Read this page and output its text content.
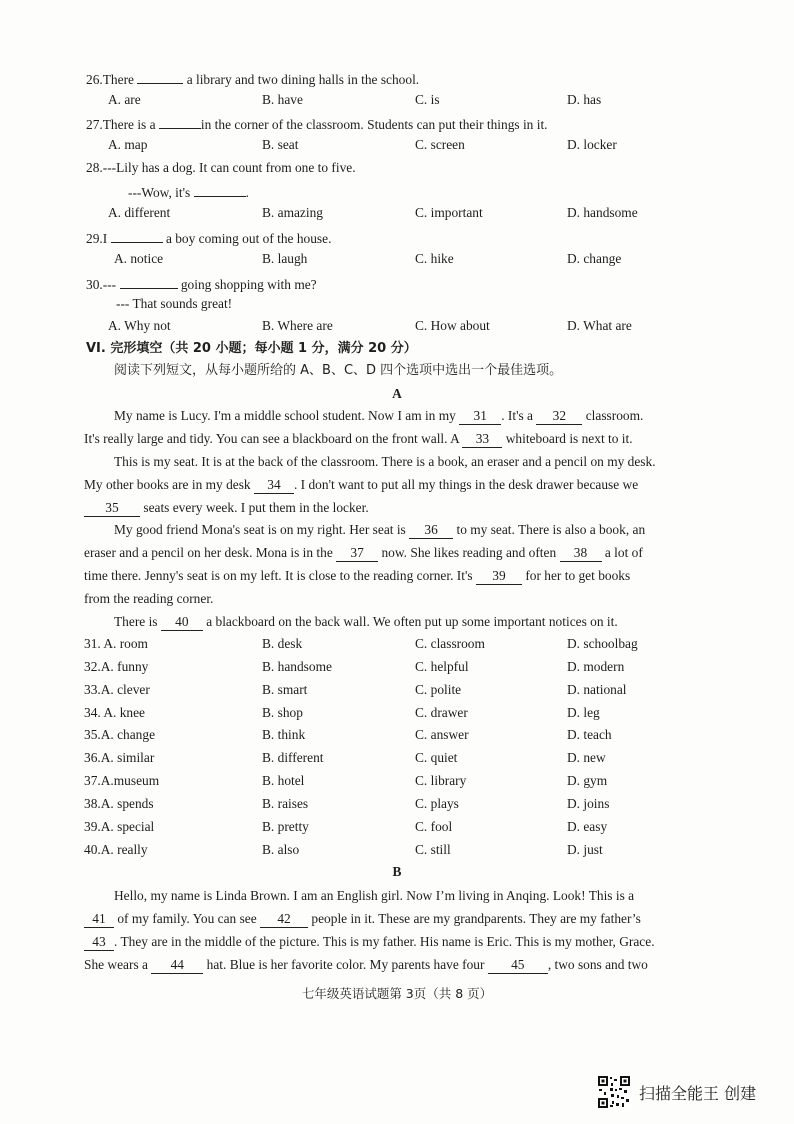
26.There	a library and two dining halls in the school.
A. are	B. have	C. is	D. has
27.There is a	in the corner of the classroom. Students can put their things in it.
A. map	B. seat	C. screen	D. locker
28.---Lily has a dog. It can count from one to five.
---Wow, it's	.
A. different	B. amazing	C. important	D. handsome
29.I	a boy coming out of the house.
A. notice	B. laugh	C. hike	D. change
30.---	going shopping with me?
--- That sounds great!
A. Why not	B. Where are	C. How about	D. What are
VI. 完形填空（共 20 小题；每小题 1 分，满分 20 分）
阅读下列短文，从每小题所给的 A、B、C、D 四个选项中选出一个最佳选项。
A
My name is Lucy. I'm a middle school student. Now I am in my 31 . It's a 32 classroom.
It's really large and tidy. You can see a blackboard on the front wall. A 33 whiteboard is next to it.
This is my seat. It is at the back of the classroom. There is a book, an eraser and a pencil on my desk.
My other books are in my desk 34 . I don't want to put all my things in the desk drawer because we
35 seats every week. I put them in the locker.
My good friend Mona's seat is on my right. Her seat is 36 to my seat. There is also a book, an
eraser and a pencil on her desk. Mona is in the 37 now. She likes reading and often 38 a lot of
time there. Jenny's seat is on my left. It is close to the reading corner. It's 39 for her to get books
from the reading corner.
There is 40 a blackboard on the back wall. We often put up some important notices on it.
31. A. room	B. desk	C. classroom	D. schoolbag
32.A. funny	B. handsome	C. helpful	D. modern
33.A. clever	B. smart	C. polite	D. national
34. A. knee	B. shop	C. drawer	D. leg
35.A. change	B. think	C. answer	D. teach
36.A. similar	B. different	C. quiet	D. new
37.A.museum	B. hotel	C. library	D. gym
38.A. spends	B. raises	C. plays	D. joins
39.A. special	B. pretty	C. fool	D. easy
40.A. really	B. also	C. still	D. just
B
Hello, my name is Linda Brown. I am an English girl. Now I’m living in Anqing. Look! This is a
41 of my family. You can see 42 people in it. These are my grandparents. They are my father’s
43 . They are in the middle of the picture. This is my father. His name is Eric. This is my mother, Grace.
She wears a 44 hat. Blue is her favorite color. My parents have four 45 , two sons and two
七年级英语试题第 3页（共 8 页）
扫描全能王 创建
